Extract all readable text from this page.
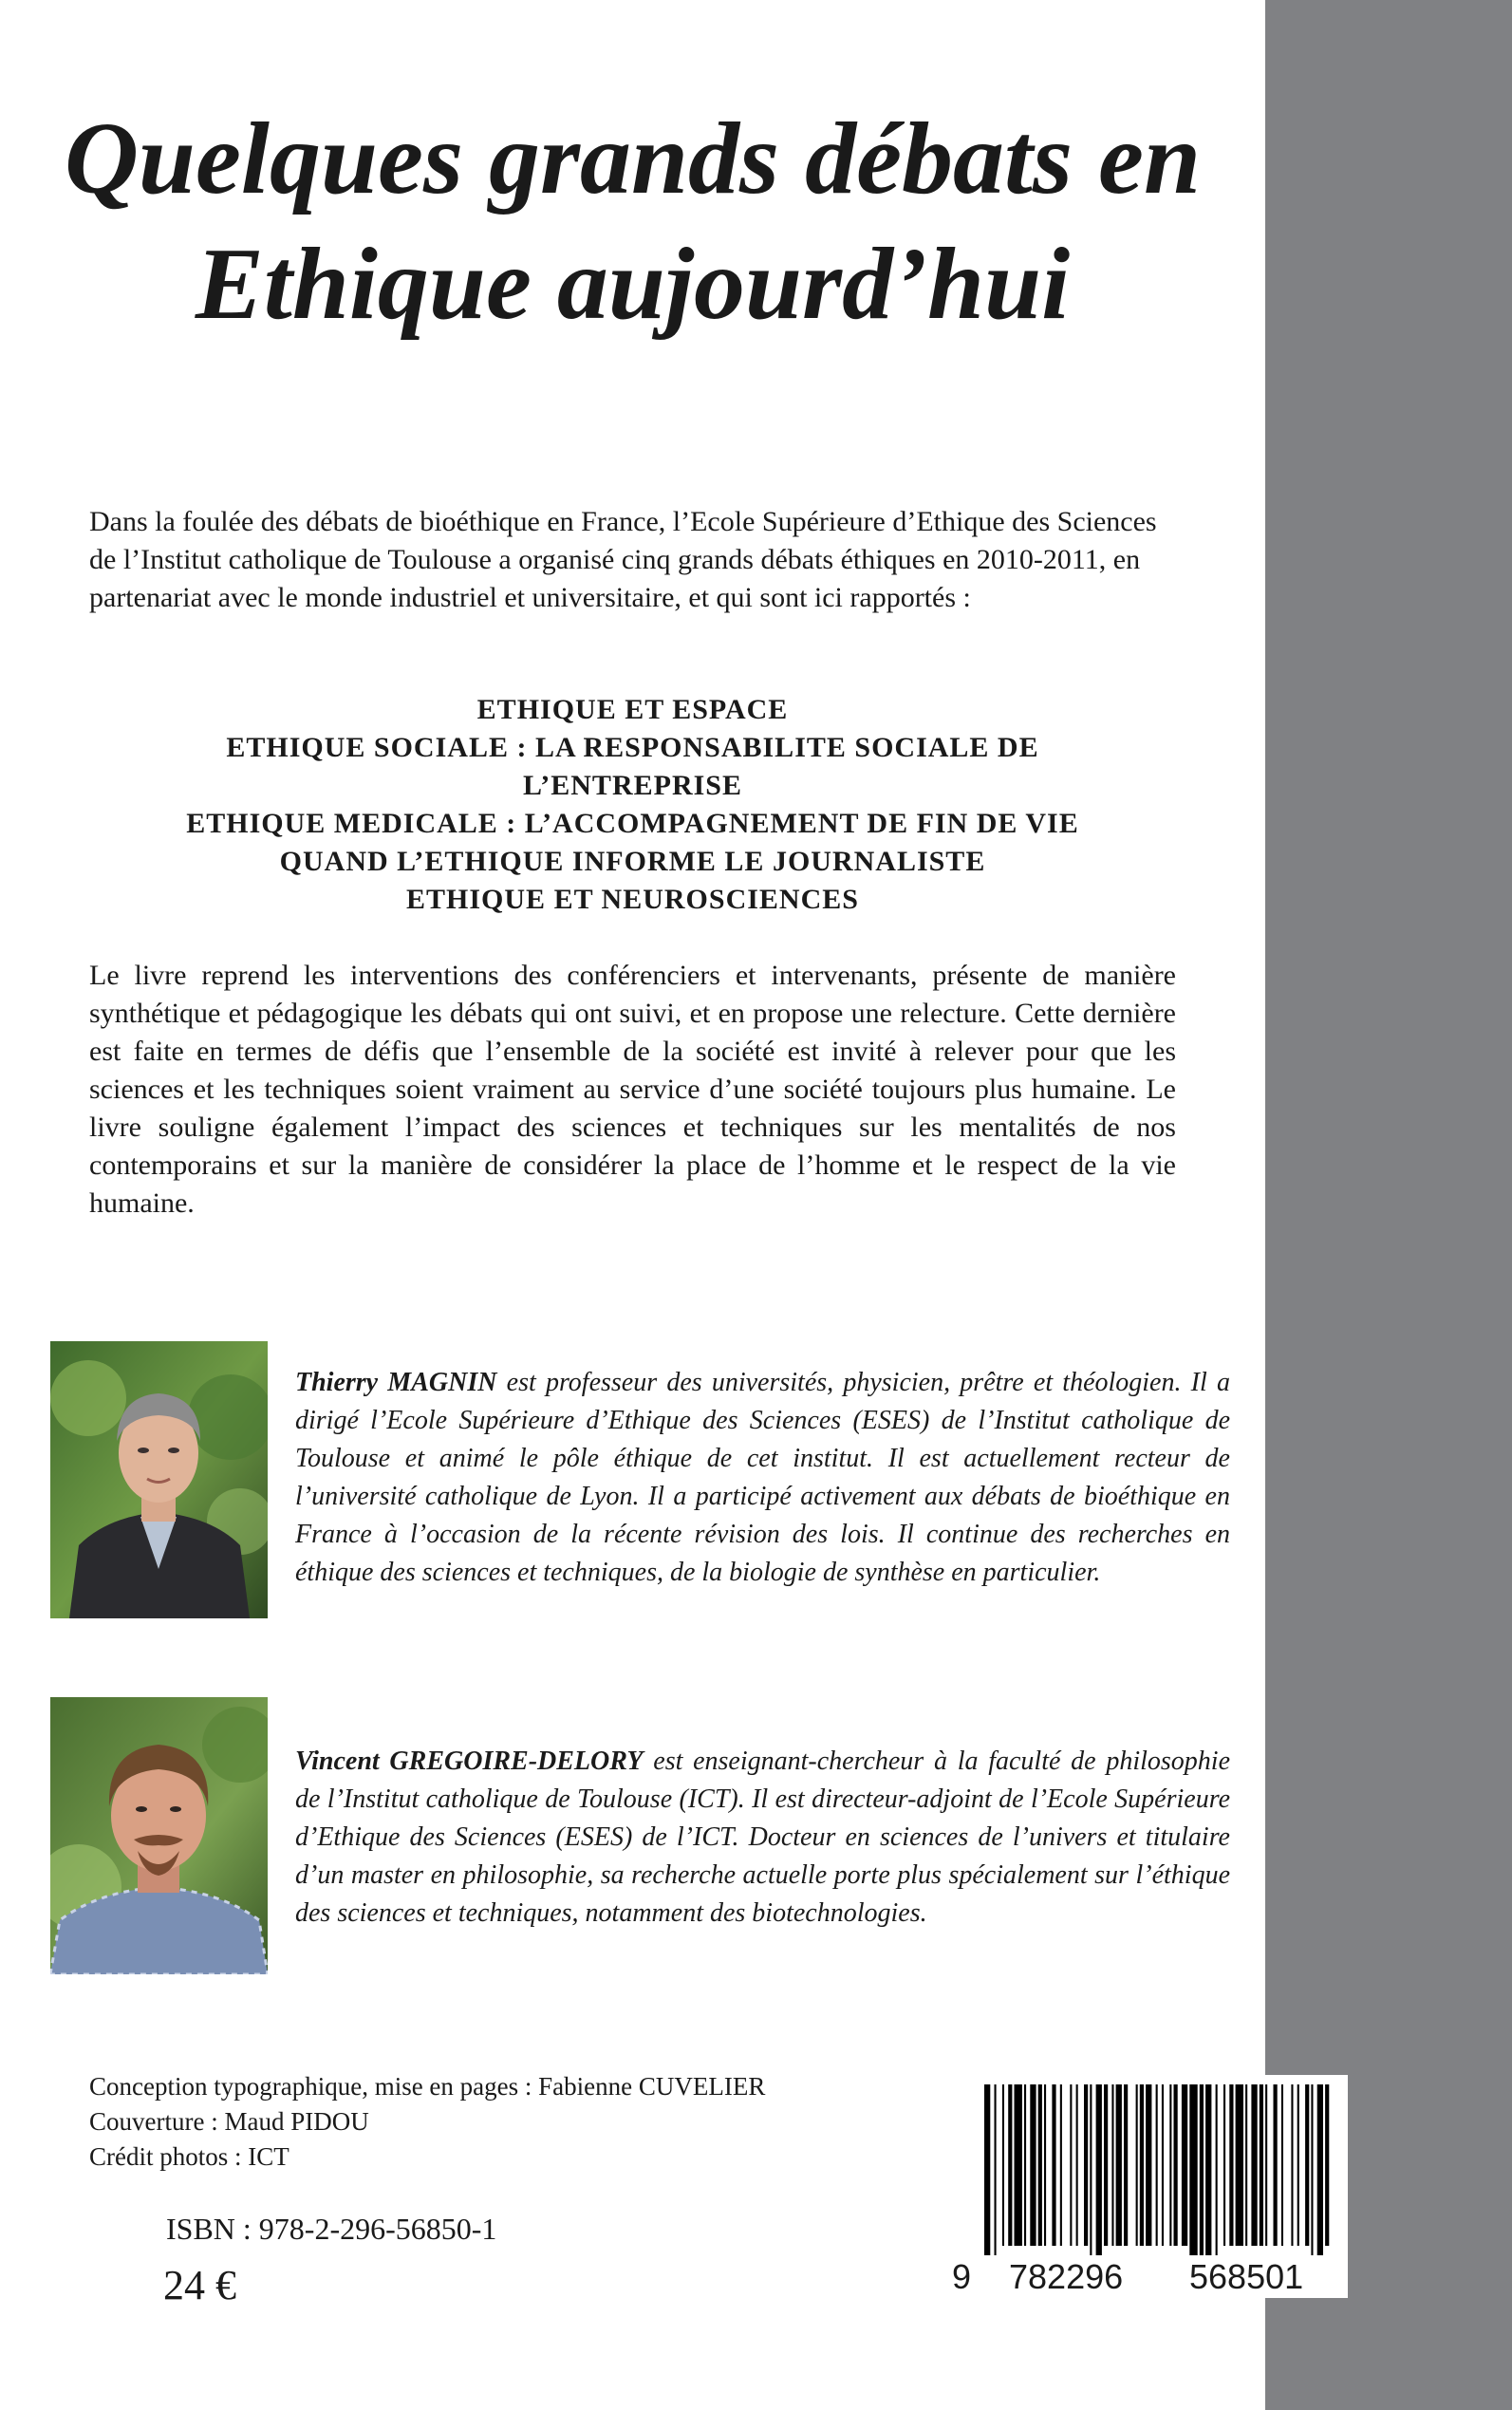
Quelques grands débats en
Ethique aujourd’hui

Dans la foulée des débats de bioéthique en France, l’Ecole Supérieure d’Ethique des Sciences de l’Institut catholique de Toulouse a organisé cinq grands débats éthiques en 2010-2011, en partenariat avec le monde industriel et universitaire, et qui sont ici rapportés :

ETHIQUE ET ESPACE
ETHIQUE SOCIALE : LA RESPONSABILITE SOCIALE DE
L’ENTREPRISE
ETHIQUE MEDICALE : L’ACCOMPAGNEMENT DE FIN DE VIE
QUAND L’ETHIQUE INFORME LE JOURNALISTE
ETHIQUE ET NEUROSCIENCES

Le livre reprend les interventions des conférenciers et intervenants, présente de manière synthétique et pédagogique les débats qui ont suivi, et en propose une relecture. Cette dernière est faite en termes de défis que l’ensemble de la société est invité à relever pour que les sciences et les techniques soient vraiment au service d’une société toujours plus humaine. Le livre souligne également l’impact des sciences et techniques sur les mentalités de nos contemporains et sur la manière de considérer la place de l’homme et le respect de la vie humaine.

Thierry MAGNIN est professeur des universités, physicien, prêtre et théologien. Il a dirigé l’Ecole Supérieure d’Ethique des Sciences (ESES) de l’Institut catholique de Toulouse et animé le pôle éthique de cet institut. Il est actuellement recteur de l’université catholique de Lyon. Il a participé activement aux débats de bioéthique en France à l’occasion de la récente révision des lois. Il continue des recherches en éthique des sciences et techniques, de la biologie de synthèse en particulier.

Vincent GREGOIRE-DELORY est enseignant-chercheur à la faculté de philosophie de l’Institut catholique de Toulouse (ICT). Il est directeur-adjoint de l’Ecole Supérieure d’Ethique des Sciences (ESES) de l’ICT. Docteur en sciences de l’univers et titulaire d’un master en philosophie, sa recherche actuelle porte plus spécialement sur l’éthique des sciences et techniques, notamment des biotechnologies.

Conception typographique, mise en pages : Fabienne CUVELIER
Couverture : Maud PIDOU
Crédit photos : ICT
ISBN : 978-2-296-56850-1
24 €	9 782296 568501
